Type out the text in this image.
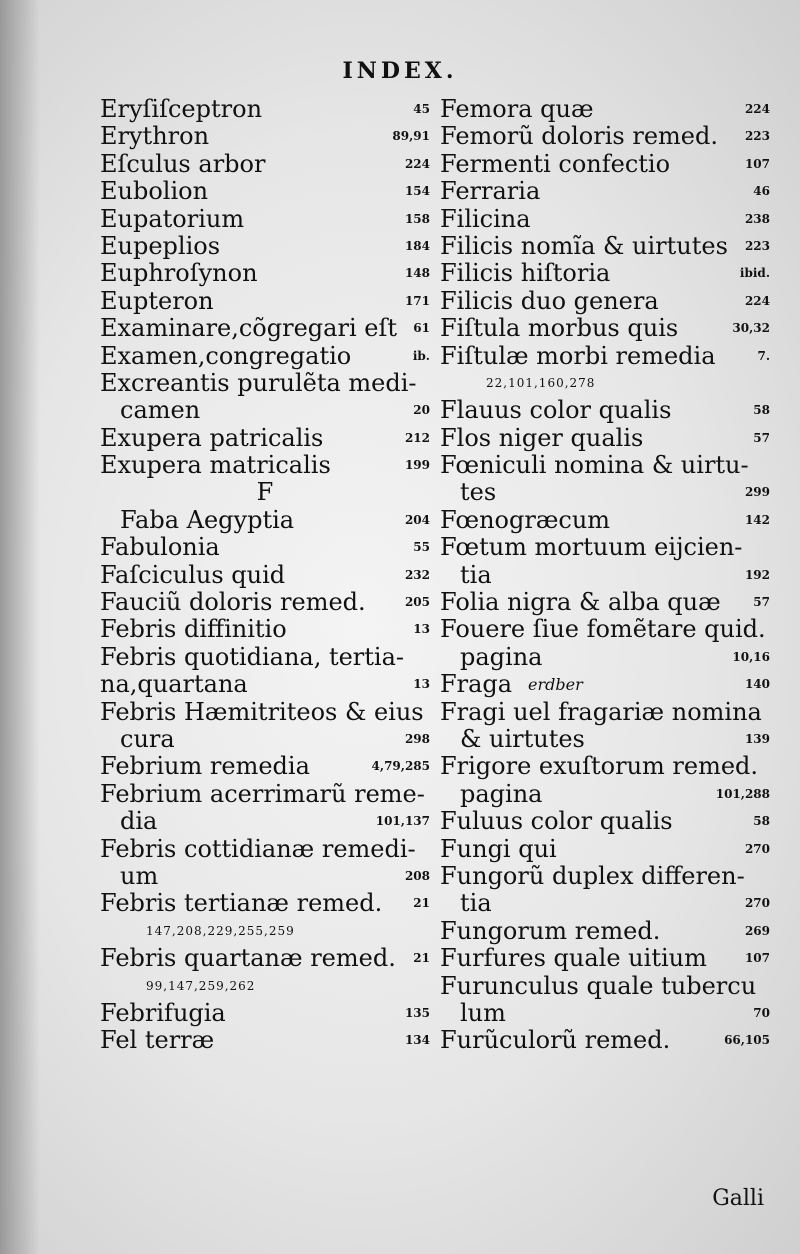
INDEX.
Eryſiſceptron	45
Erythron	89,91
Eſculus arbor	224
Eubolion	154
Eupatorium	158
Eupeplios	184
Euphroſynon	148
Eupteron	171
Examinare,cõgregari eſt 61
Examen,congregatio	ib.
Excreantis purulẽta medi-
camen	20
Exupera patricalis	212
Exupera matricalis	199
F
Faba Aegyptia	204
Fabulonia	55
Faſciculus quid	232
Fauciũ doloris remed.	205
Febris diffinitio	13
Febris quotidiana, tertia-
na,quartana	13
Febris Hæmitriteos & eius
cura	298
Febrium remedia	4,79,285
Febrium acerrimarũ reme-
dia	101,137
Febris cottidianæ remedi-
um	208
Febris tertianæ remed.	21
147,208,229,255,259
Febris quartanæ remed. 21
99,147,259,262
Febrifugia	135
Fel terræ	134
Femora quæ	224
Femorũ doloris remed. 223
Fermenti confectio	107
Ferraria	46
Filicina	238
Filicis nomĩa & uirtutes 223
Filicis hiſtoria	ibid.
Filicis duo genera	224
Fiſtula morbus quis	30,32
Fiſtulæ morbi remedia	7.
22,101,160,278
Flauus color qualis	58
Flos niger qualis	57
Fœniculi nomina & uirtu-
tes	299
Fœnogræcum	142
Fœtum mortuum eijcien-
tia	192
Folia nigra & alba quæ	57
Fouere ſiue fomẽtare quid.
pagina	10,16
Fraga erdber	140
Fragi uel fragariæ nomina
& uirtutes	139
Frigore exuſtorum remed.
pagina	101,288
Fuluus color qualis	58
Fungi qui	270
Fungorũ duplex differen-
tia	270
Fungorum remed.	269
Furfures quale uitium	107
Furunculus quale tubercu
lum	70
Furũculorũ remed.	66,105
Galli
